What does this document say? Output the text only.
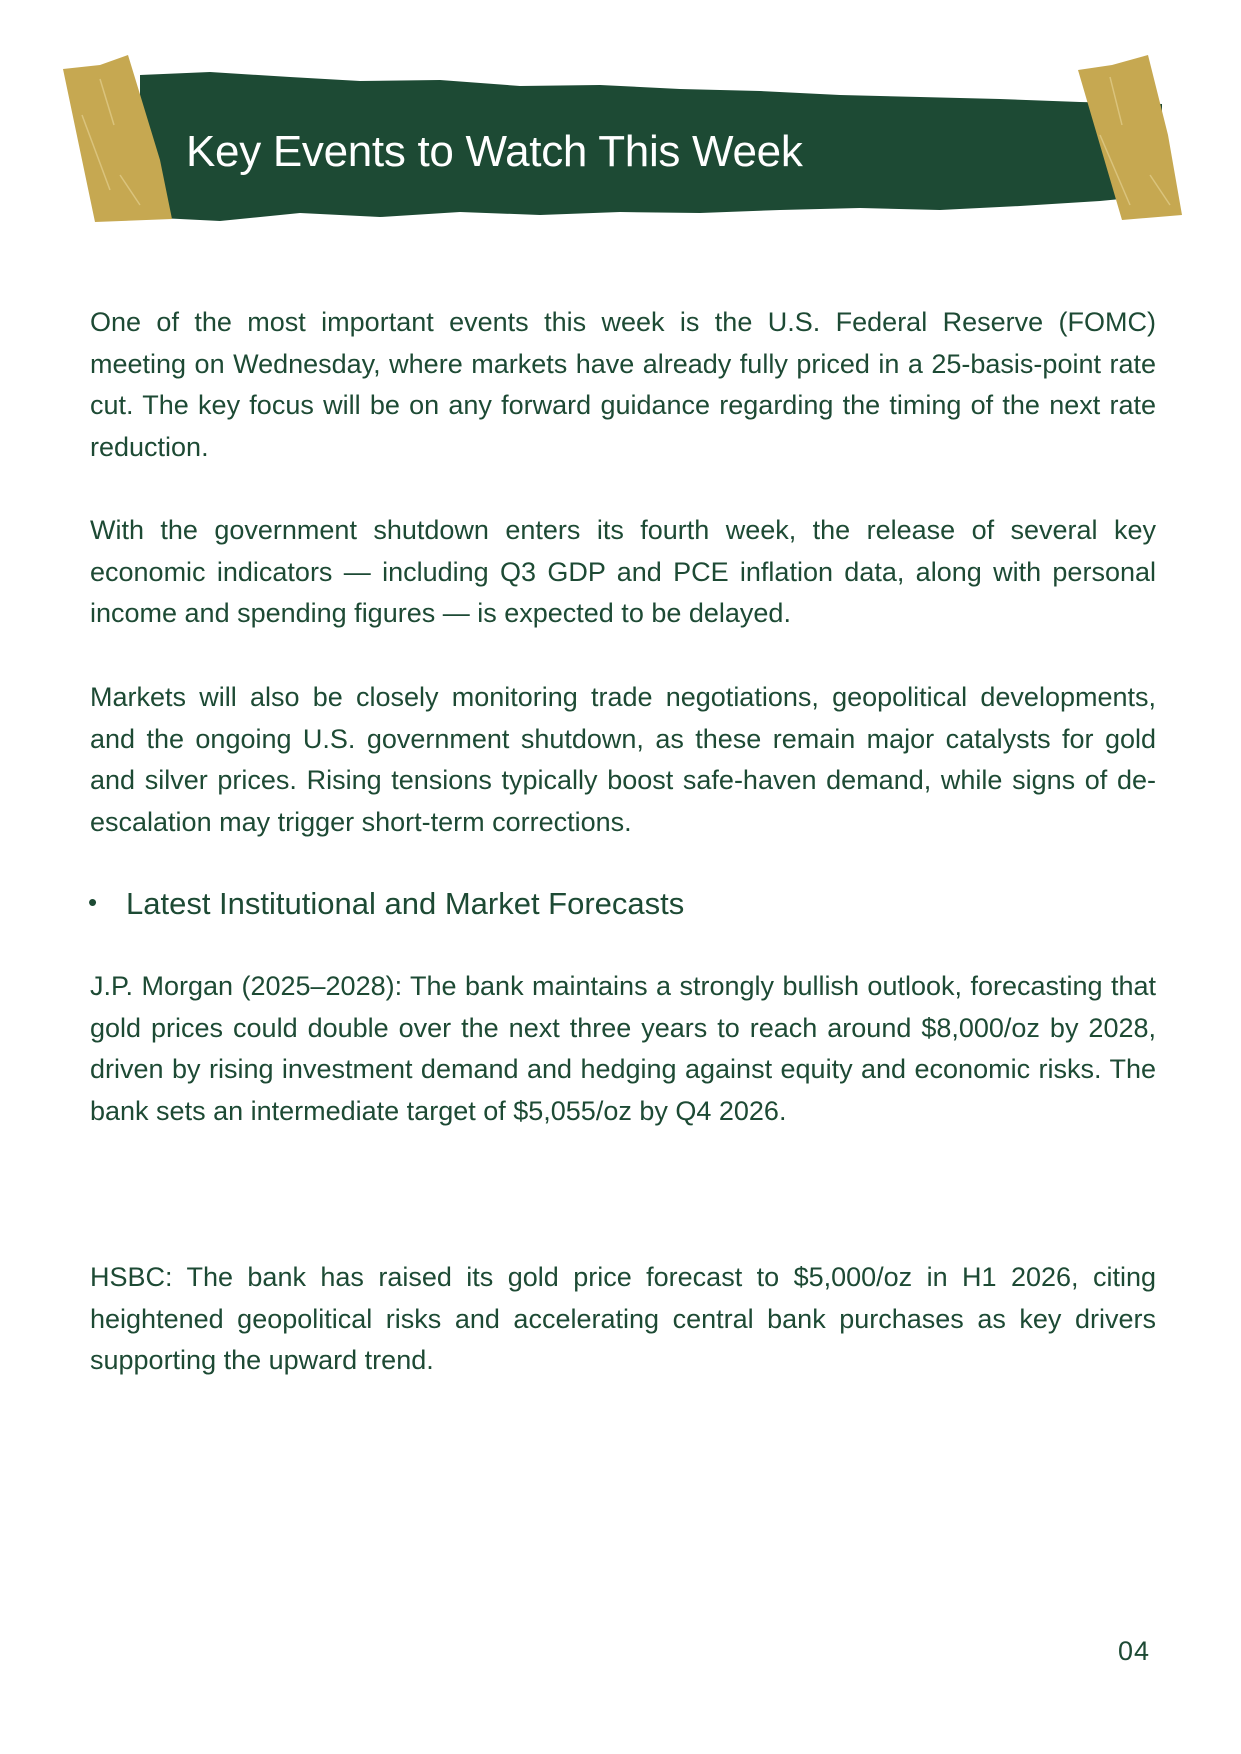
Key Events to Watch This Week

One of the most important events this week is the U.S. Federal Reserve (FOMC) meeting on Wednesday, where markets have already fully priced in a 25-basis-point rate cut. The key focus will be on any forward guidance regarding the timing of the next rate reduction.

With the government shutdown enters its fourth week, the release of several key economic indicators — including Q3 GDP and PCE inflation data, along with personal income and spending figures — is expected to be delayed.

Markets will also be closely monitoring trade negotiations, geopolitical developments, and the ongoing U.S. government shutdown, as these remain major catalysts for gold and silver prices. Rising tensions typically boost safe-haven demand, while signs of de-escalation may trigger short-term corrections.

• Latest Institutional and Market Forecasts

J.P. Morgan (2025–2028): The bank maintains a strongly bullish outlook, forecasting that gold prices could double over the next three years to reach around $8,000/oz by 2028, driven by rising investment demand and hedging against equity and economic risks. The bank sets an intermediate target of $5,055/oz by Q4 2026.

HSBC: The bank has raised its gold price forecast to $5,000/oz in H1 2026, citing heightened geopolitical risks and accelerating central bank purchases as key drivers supporting the upward trend.

04
